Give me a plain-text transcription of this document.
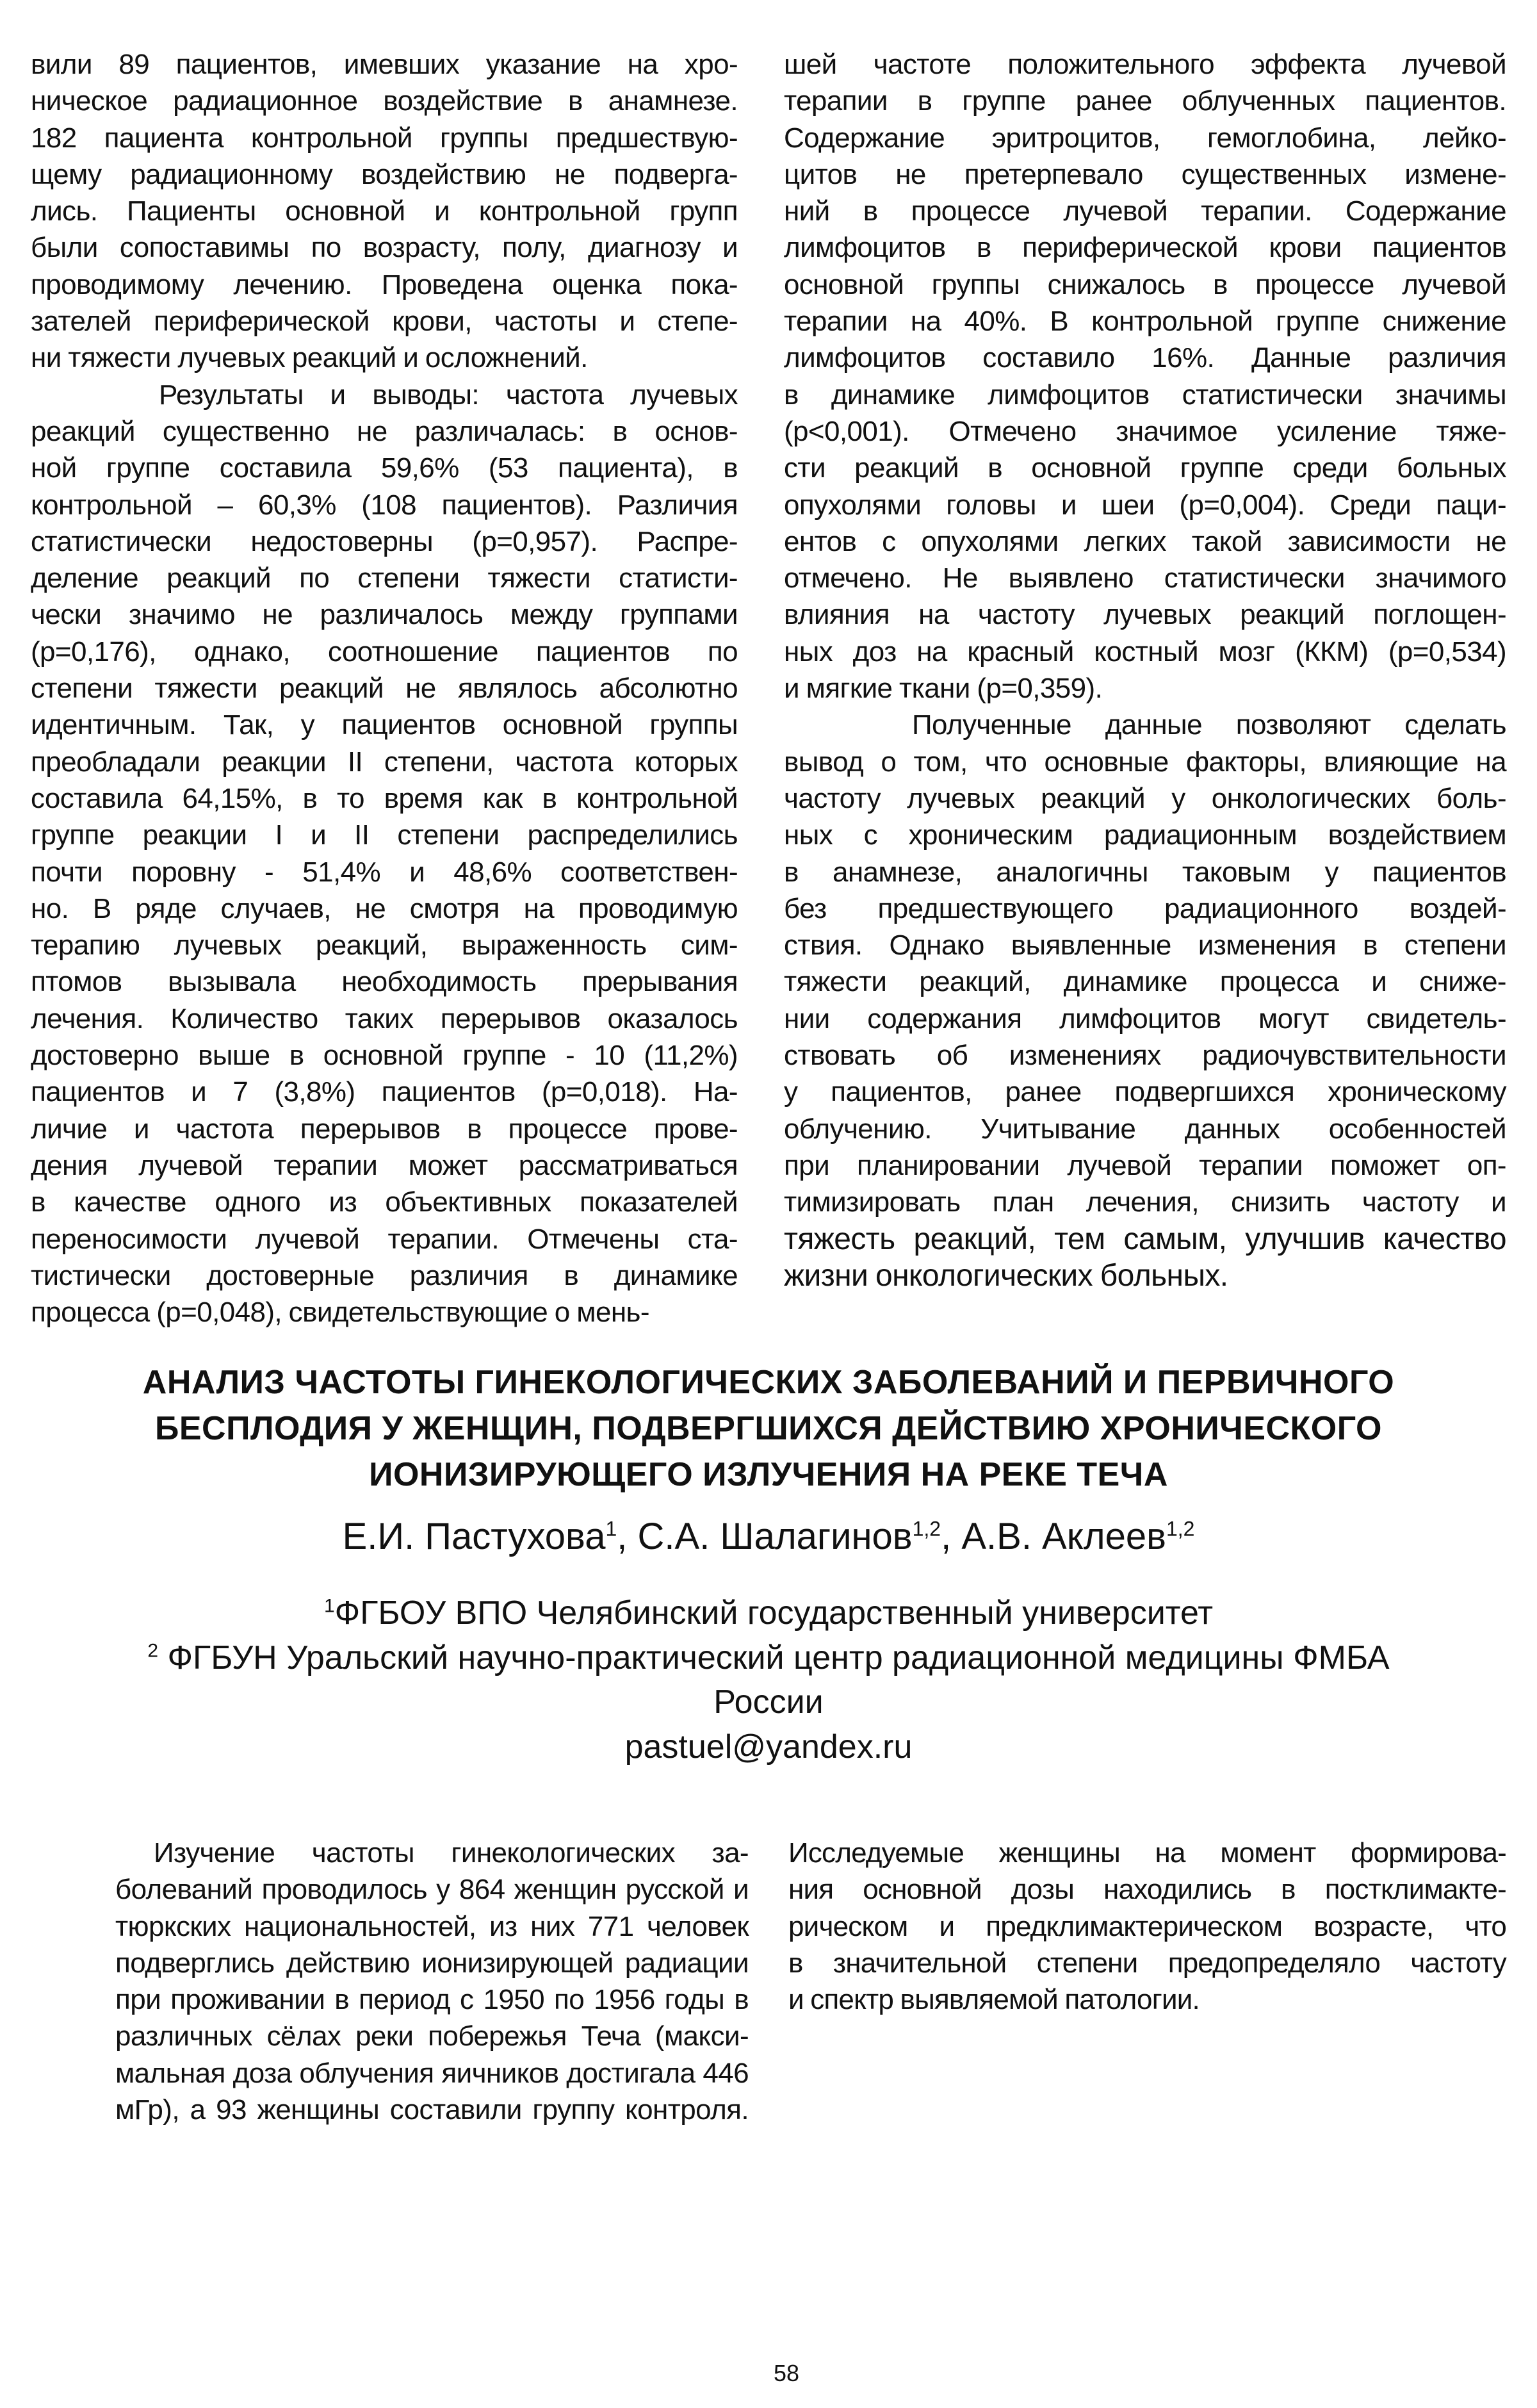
вили 89 пациентов, имевших указание на хро-
ническое радиационное воздействие в анамнезе.
182 пациента контрольной группы предшествую-
щему радиационному воздействию не подверга-
лись. Пациенты основной и контрольной групп
были сопоставимы по возрасту, полу, диагнозу и
проводимому лечению. Проведена оценка пока-
зателей периферической крови, частоты и степе-
ни тяжести лучевых реакций и осложнений.
Результаты и выводы: частота лучевых
реакций существенно не различалась: в основ-
ной группе составила 59,6% (53 пациента), в
контрольной – 60,3% (108 пациентов). Различия
статистически недостоверны (р=0,957). Распре-
деление реакций по степени тяжести статисти-
чески значимо не различалось между группами
(р=0,176), однако, соотношение пациентов по
степени тяжести реакций не являлось абсолютно
идентичным. Так, у пациентов основной группы
преобладали реакции II степени, частота которых
составила 64,15%, в то время как в контрольной
группе реакции I и II степени распределились
почти поровну - 51,4% и 48,6% соответствен-
но. В ряде случаев, не смотря на проводимую
терапию лучевых реакций, выраженность сим-
птомов вызывала необходимость прерывания
лечения. Количество таких перерывов оказалось
достоверно выше в основной группе - 10 (11,2%)
пациентов и 7 (3,8%) пациентов (р=0,018). На-
личие и частота перерывов в процессе прове-
дения лучевой терапии может рассматриваться
в качестве одного из объективных показателей
переносимости лучевой терапии. Отмечены ста-
тистически достоверные различия в динамике
процесса (р=0,048), свидетельствующие о мень-
шей частоте положительного эффекта лучевой
терапии в группе ранее облученных пациентов.
Содержание эритроцитов, гемоглобина, лейко-
цитов не претерпевало существенных измене-
ний в процессе лучевой терапии. Содержание
лимфоцитов в периферической крови пациентов
основной группы снижалось в процессе лучевой
терапии на 40%. В контрольной группе снижение
лимфоцитов составило 16%. Данные различия
в динамике лимфоцитов статистически значимы
(р<0,001). Отмечено значимое усиление тяже-
сти реакций в основной группе среди больных
опухолями головы и шеи (р=0,004). Среди паци-
ентов с опухолями легких такой зависимости не
отмечено. Не выявлено статистически значимого
влияния на частоту лучевых реакций поглощен-
ных доз на красный костный мозг (ККМ) (р=0,534)
и мягкие ткани (р=0,359).
Полученные данные позволяют сделать
вывод о том, что основные факторы, влияющие на
частоту лучевых реакций у онкологических боль-
ных с хроническим радиационным воздействием
в анамнезе, аналогичны таковым у пациентов
без предшествующего радиационного воздей-
ствия. Однако выявленные изменения в степени
тяжести реакций, динамике процесса и сниже-
нии содержания лимфоцитов могут свидетель-
ствовать об изменениях радиочувствительности
у пациентов, ранее подвергшихся хроническому
облучению. Учитывание данных особенностей
при планировании лучевой терапии поможет оп-
тимизировать план лечения, снизить частоту и
тяжесть реакций, тем самым, улучшив качество
жизни онкологических больных.
АНАЛИЗ ЧАСТОТЫ ГИНЕКОЛОГИЧЕСКИХ ЗАБОЛЕВАНИЙ И ПЕРВИЧНОГО
БЕСПЛОДИЯ У ЖЕНЩИН, ПОДВЕРГШИХСЯ ДЕЙСТВИЮ ХРОНИЧЕСКОГО
ИОНИЗИРУЮЩЕГО ИЗЛУЧЕНИЯ НА РЕКЕ ТЕЧА
Е.И. Пастухова$^1$, С.А. Шалагинов$^{1,2}$, А.В. Аклеев$^{1,2}$
$^1$ФГБОУ ВПО Челябинский государственный университет
$^2$ ФГБУН Уральский научно-практический центр радиационной медицины ФМБА
России
pastuel@yandex.ru
Изучение частоты гинекологических за-
болеваний проводилось у 864 женщин русской и
тюркских национальностей, из них 771 человек
подверглись действию ионизирующей радиации
при проживании в период с 1950 по 1956 годы в
различных сёлах реки побережья Теча (макси-
мальная доза облучения яичников достигала 446
мГр), а 93 женщины составили группу контроля.
Исследуемые женщины на момент формирова-
ния основной дозы находились в постклимакте-
рическом и предклимактерическом возрасте, что
в значительной степени предопределяло частоту
и спектр выявляемой патологии.
58
